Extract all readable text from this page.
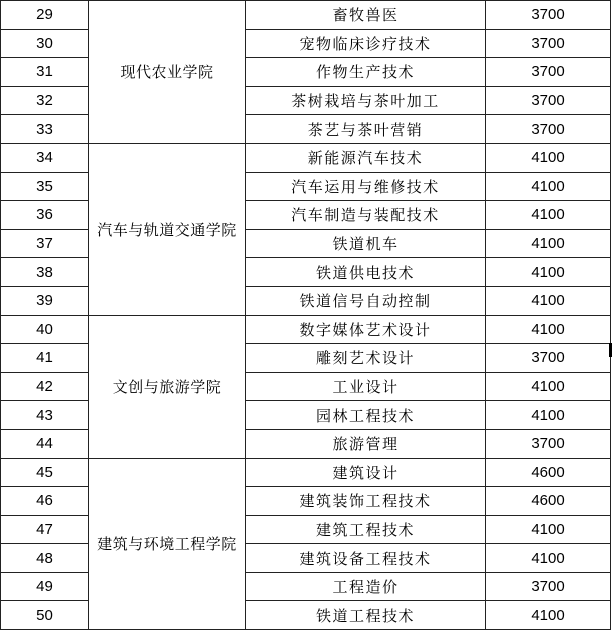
29	现代农业学院	畜牧兽医	3700
30		宠物临床诊疗技术	3700
31		作物生产技术	3700
32		茶树栽培与茶叶加工	3700
33		茶艺与茶叶营销	3700
34	汽车与轨道交通学院	新能源汽车技术	4100
35		汽车运用与维修技术	4100
36		汽车制造与装配技术	4100
37		铁道机车	4100
38		铁道供电技术	4100
39		铁道信号自动控制	4100
40	文创与旅游学院	数字媒体艺术设计	4100
41		雕刻艺术设计	3700
42		工业设计	4100
43		园林工程技术	4100
44		旅游管理	3700
45	建筑与环境工程学院	建筑设计	4600
46		建筑装饰工程技术	4600
47		建筑工程技术	4100
48		建筑设备工程技术	4100
49		工程造价	3700
50		铁道工程技术	4100
